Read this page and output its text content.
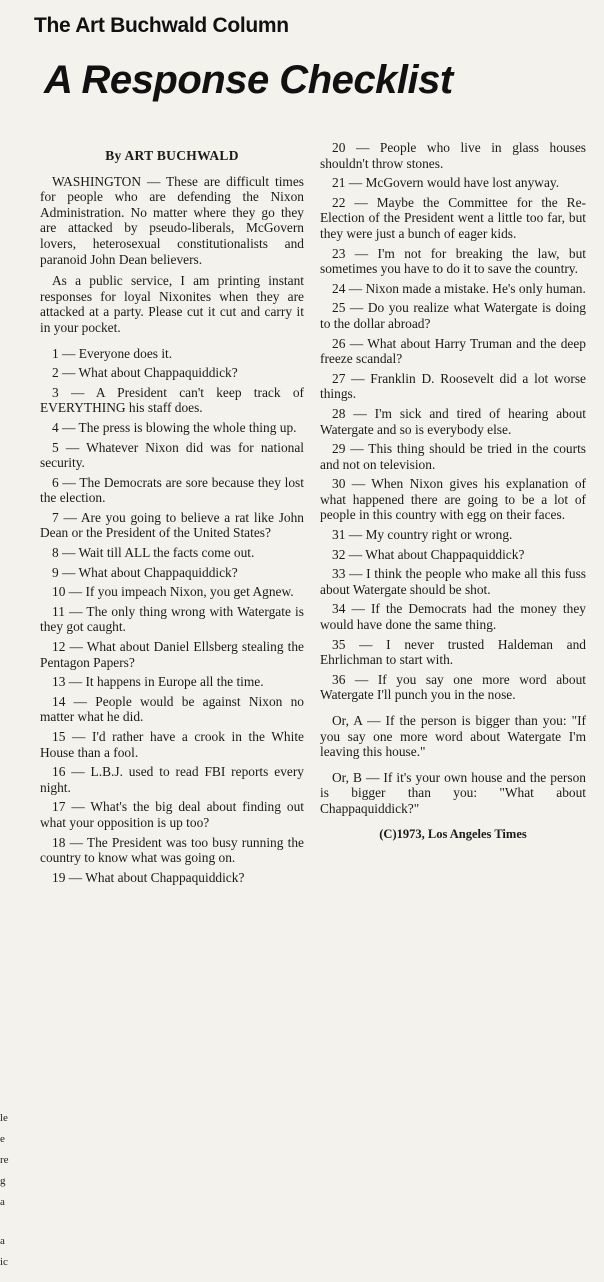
The Art Buchwald Column
A Response Checklist
le
e
re
g
a
a
ic
By ART BUCHWALD

WASHINGTON — These are difficult times for people who are defending the Nixon Administration. No matter where they go they are attacked by pseudo-liberals, McGovern lovers, heterosexual constitutionalists and paranoid John Dean believers.

As a public service, I am printing instant responses for loyal Nixonites when they are attacked at a party. Please cut it cut and carry it in your pocket.

1 — Everyone does it.

2 — What about Chappaquiddick?

3 — A President can't keep track of EVERYTHING his staff does.

4 — The press is blowing the whole thing up.

5 — Whatever Nixon did was for national security.

6 — The Democrats are sore because they lost the election.

7 — Are you going to believe a rat like John Dean or the President of the United States?

8 — Wait till ALL the facts come out.

9 — What about Chappaquiddick?

10 — If you impeach Nixon, you get Agnew.

11 — The only thing wrong with Watergate is they got caught.

12 — What about Daniel Ellsberg stealing the Pentagon Papers?

13 — It happens in Europe all the time.

14 — People would be against Nixon no matter what he did.

15 — I'd rather have a crook in the White House than a fool.

16 — L.B.J. used to read FBI reports every night.

17 — What's the big deal about finding out what your opposition is up too?

18 — The President was too busy running the country to know what was going on.

19 — What about Chappaquiddick?

20 — People who live in glass houses shouldn't throw stones.

21 — McGovern would have lost anyway.

22 — Maybe the Committee for the Re-Election of the President went a little too far, but they were just a bunch of eager kids.

23 — I'm not for breaking the law, but sometimes you have to do it to save the country.

24 — Nixon made a mistake. He's only human.

25 — Do you realize what Watergate is doing to the dollar abroad?

26 — What about Harry Truman and the deep freeze scandal?

27 — Franklin D. Roosevelt did a lot worse things.

28 — I'm sick and tired of hearing about Watergate and so is everybody else.

29 — This thing should be tried in the courts and not on television.

30 — When Nixon gives his explanation of what happened there are going to be a lot of people in this country with egg on their faces.

31 — My country right or wrong.

32 — What about Chappaquiddick?

33 — I think the people who make all this fuss about Watergate should be shot.

34 — If the Democrats had the money they would have done the same thing.

35 — I never trusted Haldeman and Ehrlichman to start with.

36 — If you say one more word about Watergate I'll punch you in the nose.

Or, A — If the person is bigger than you: "If you say one more word about Watergate I'm leaving this house."

Or, B — If it's your own house and the person is bigger than you: "What about Chappaquiddick?"

(C)1973, Los Angeles Times
